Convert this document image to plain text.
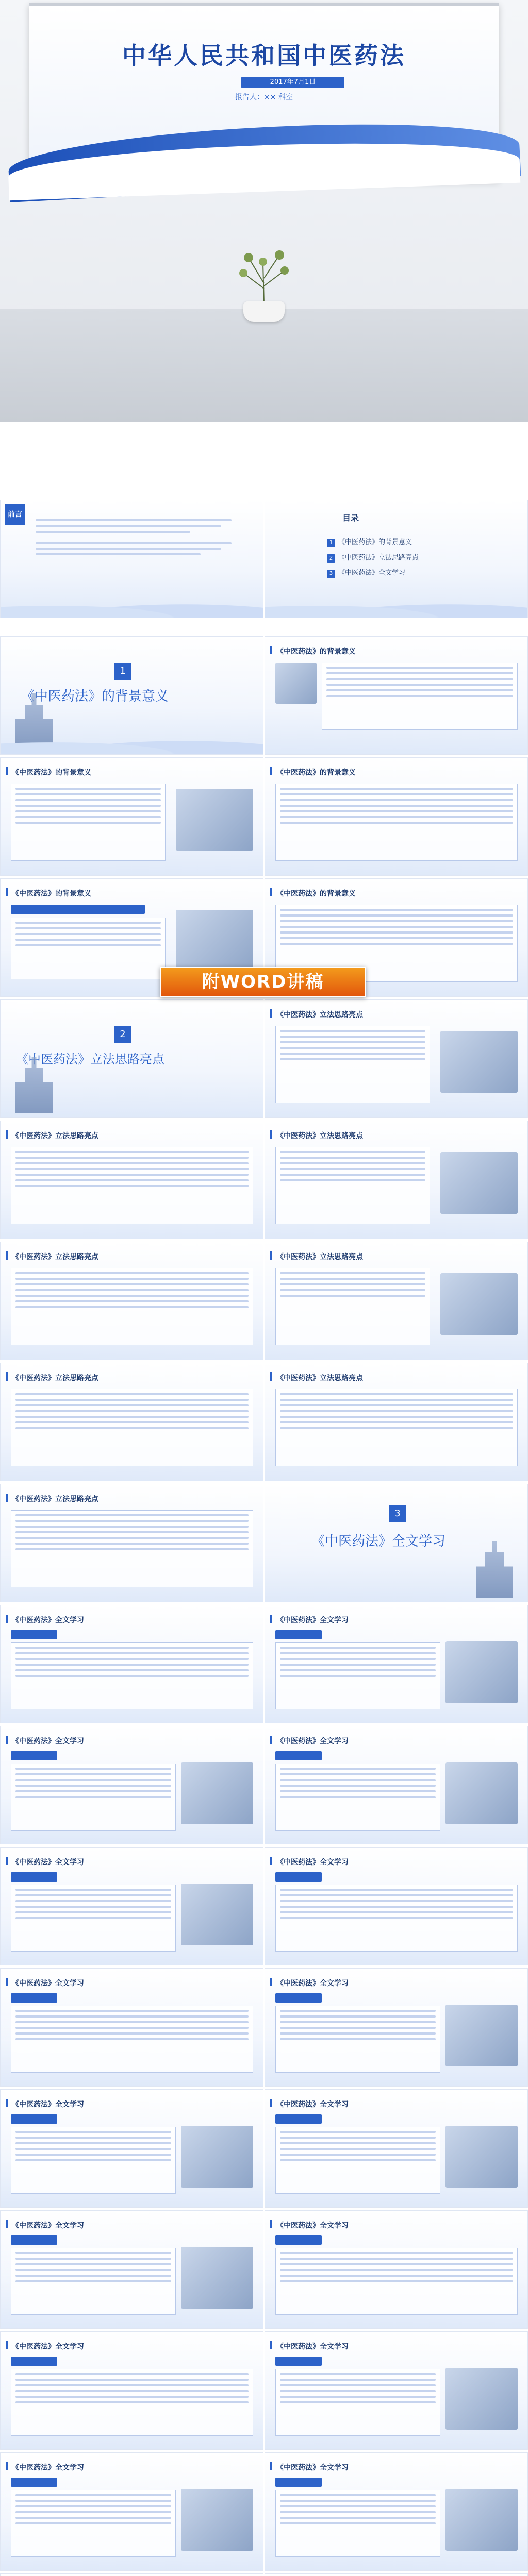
中华人民共和国中医药法
2017年7月1日
报告人：×× 科室
前言	目录
1 《中医药法》的背景意义
2 《中医药法》立法思路亮点
3 《中医药法》全文学习
1
《中医药法》的背景意义
《中医药法》的背景意义
《中医药法》的背景意义	《中医药法》的背景意义
《中医药法》的背景意义	《中医药法》的背景意义
附WORD讲稿
2
《中医药法》立法思路亮点
《中医药法》立法思路亮点
《中医药法》立法思路亮点	《中医药法》立法思路亮点
《中医药法》立法思路亮点	《中医药法》立法思路亮点
《中医药法》立法思路亮点	《中医药法》立法思路亮点
《中医药法》立法思路亮点
3
《中医药法》全文学习
《中医药法》全文学习	《中医药法》全文学习
《中医药法》全文学习	《中医药法》全文学习
《中医药法》全文学习	《中医药法》全文学习
《中医药法》全文学习	《中医药法》全文学习
《中医药法》全文学习	《中医药法》全文学习
《中医药法》全文学习	《中医药法》全文学习
《中医药法》全文学习	《中医药法》全文学习
《中医药法》全文学习	《中医药法》全文学习
